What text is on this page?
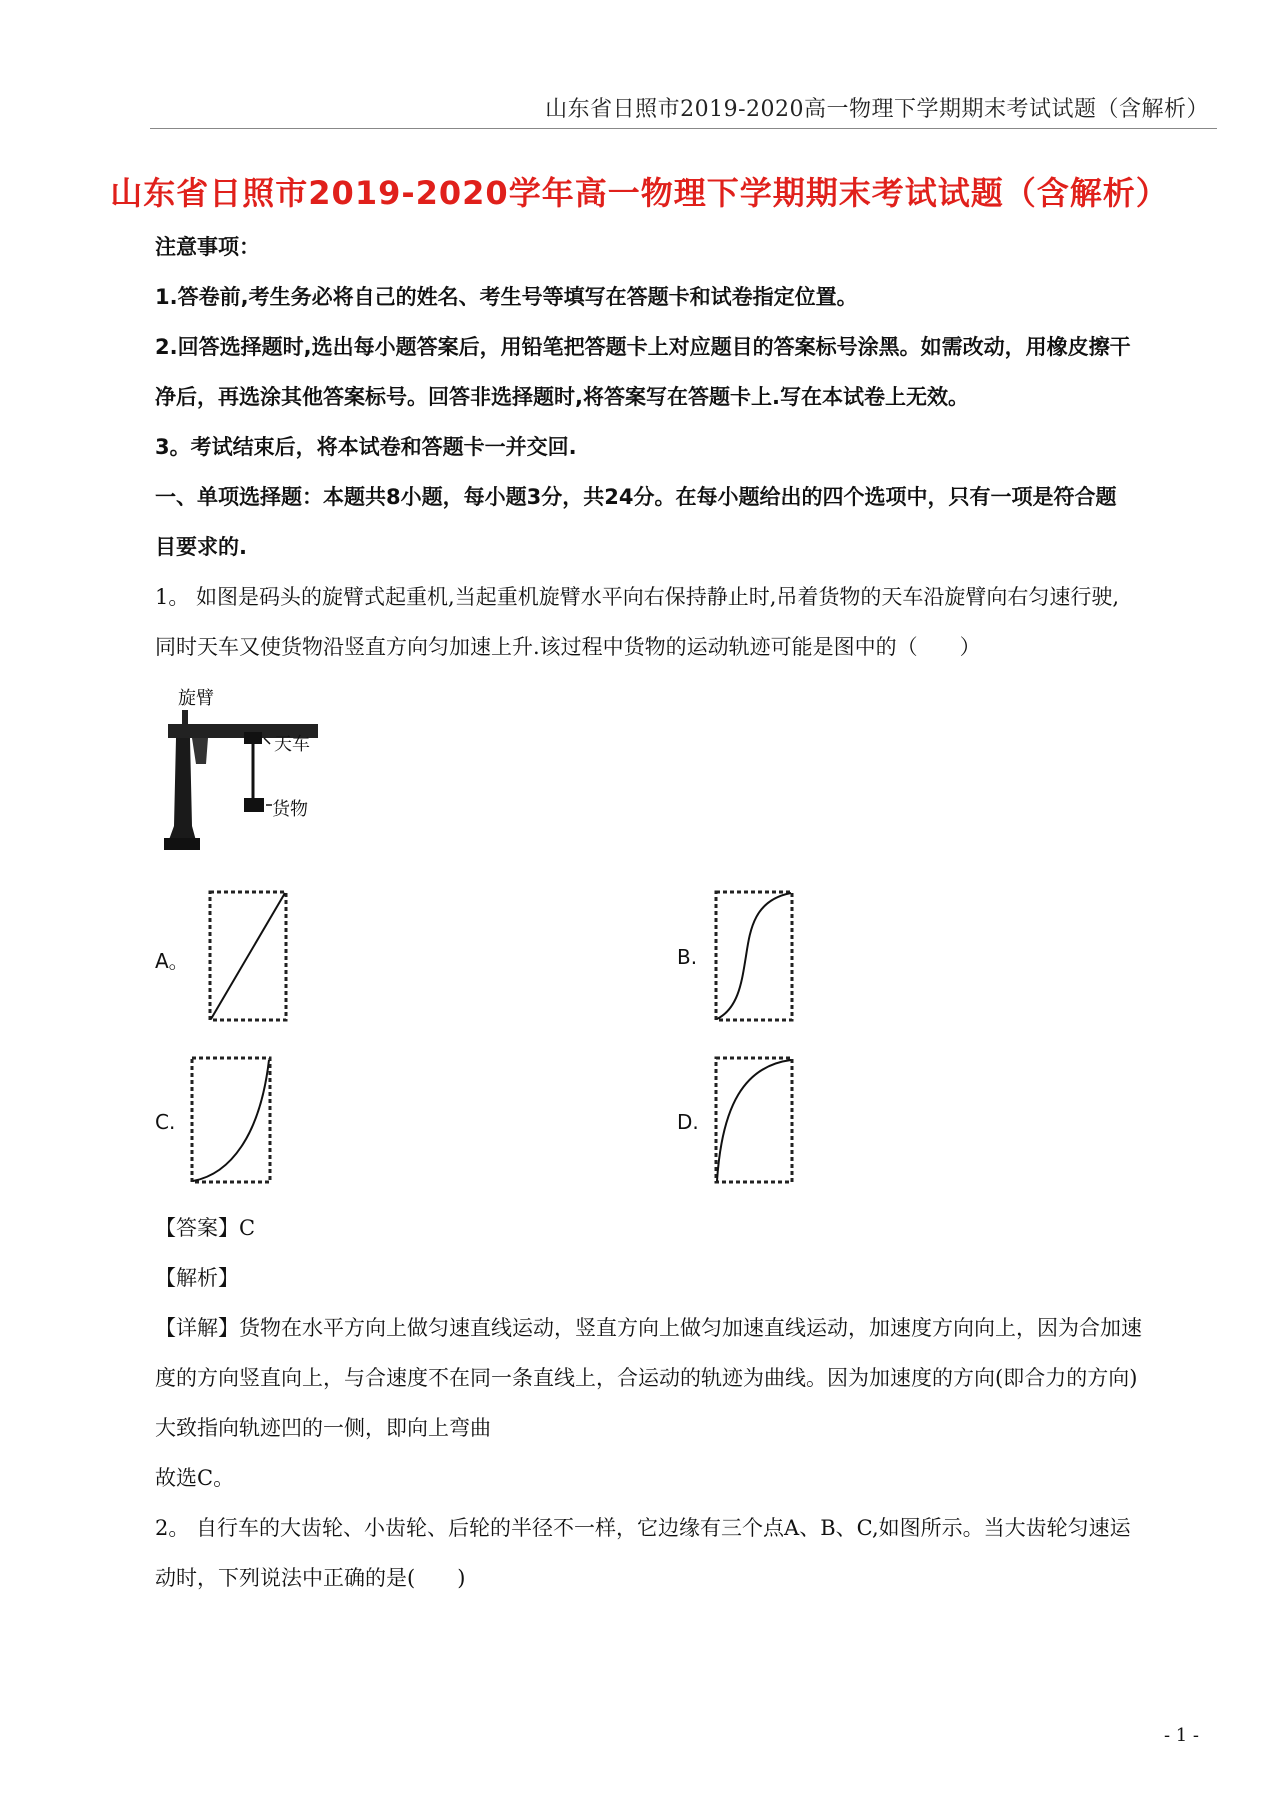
山东省日照市2019-2020高一物理下学期期末考试试题（含解析）
山东省日照市2019-2020学年高一物理下学期期末考试试题（含解析）
注意事项：
1.答卷前,考生务必将自己的姓名、考生号等填写在答题卡和试卷指定位置。
2.回答选择题时,选出每小题答案后，用铅笔把答题卡上对应题目的答案标号涂黑。如需改动，用橡皮擦干
净后，再选涂其他答案标号。回答非选择题时,将答案写在答题卡上.写在本试卷上无效。
3。考试结束后，将本试卷和答题卡一并交回.
一、单项选择题：本题共8小题，每小题3分，共24分。在每小题给出的四个选项中，只有一项是符合题
目要求的.
1。 如图是码头的旋臂式起重机,当起重机旋臂水平向右保持静止时,吊着货物的天车沿旋臂向右匀速行驶,
同时天车又使货物沿竖直方向匀加速上升.该过程中货物的运动轨迹可能是图中的（　　）
旋臂
天车
货物
A。	B.
C.	D.
【答案】C
【解析】
【详解】货物在水平方向上做匀速直线运动，竖直方向上做匀加速直线运动，加速度方向向上，因为合加速
度的方向竖直向上，与合速度不在同一条直线上，合运动的轨迹为曲线。因为加速度的方向(即合力的方向)
大致指向轨迹凹的一侧，即向上弯曲
故选C。
2。 自行车的大齿轮、小齿轮、后轮的半径不一样，它边缘有三个点A、B、C,如图所示。当大齿轮匀速运
动时，下列说法中正确的是(　　)
- 1 -
